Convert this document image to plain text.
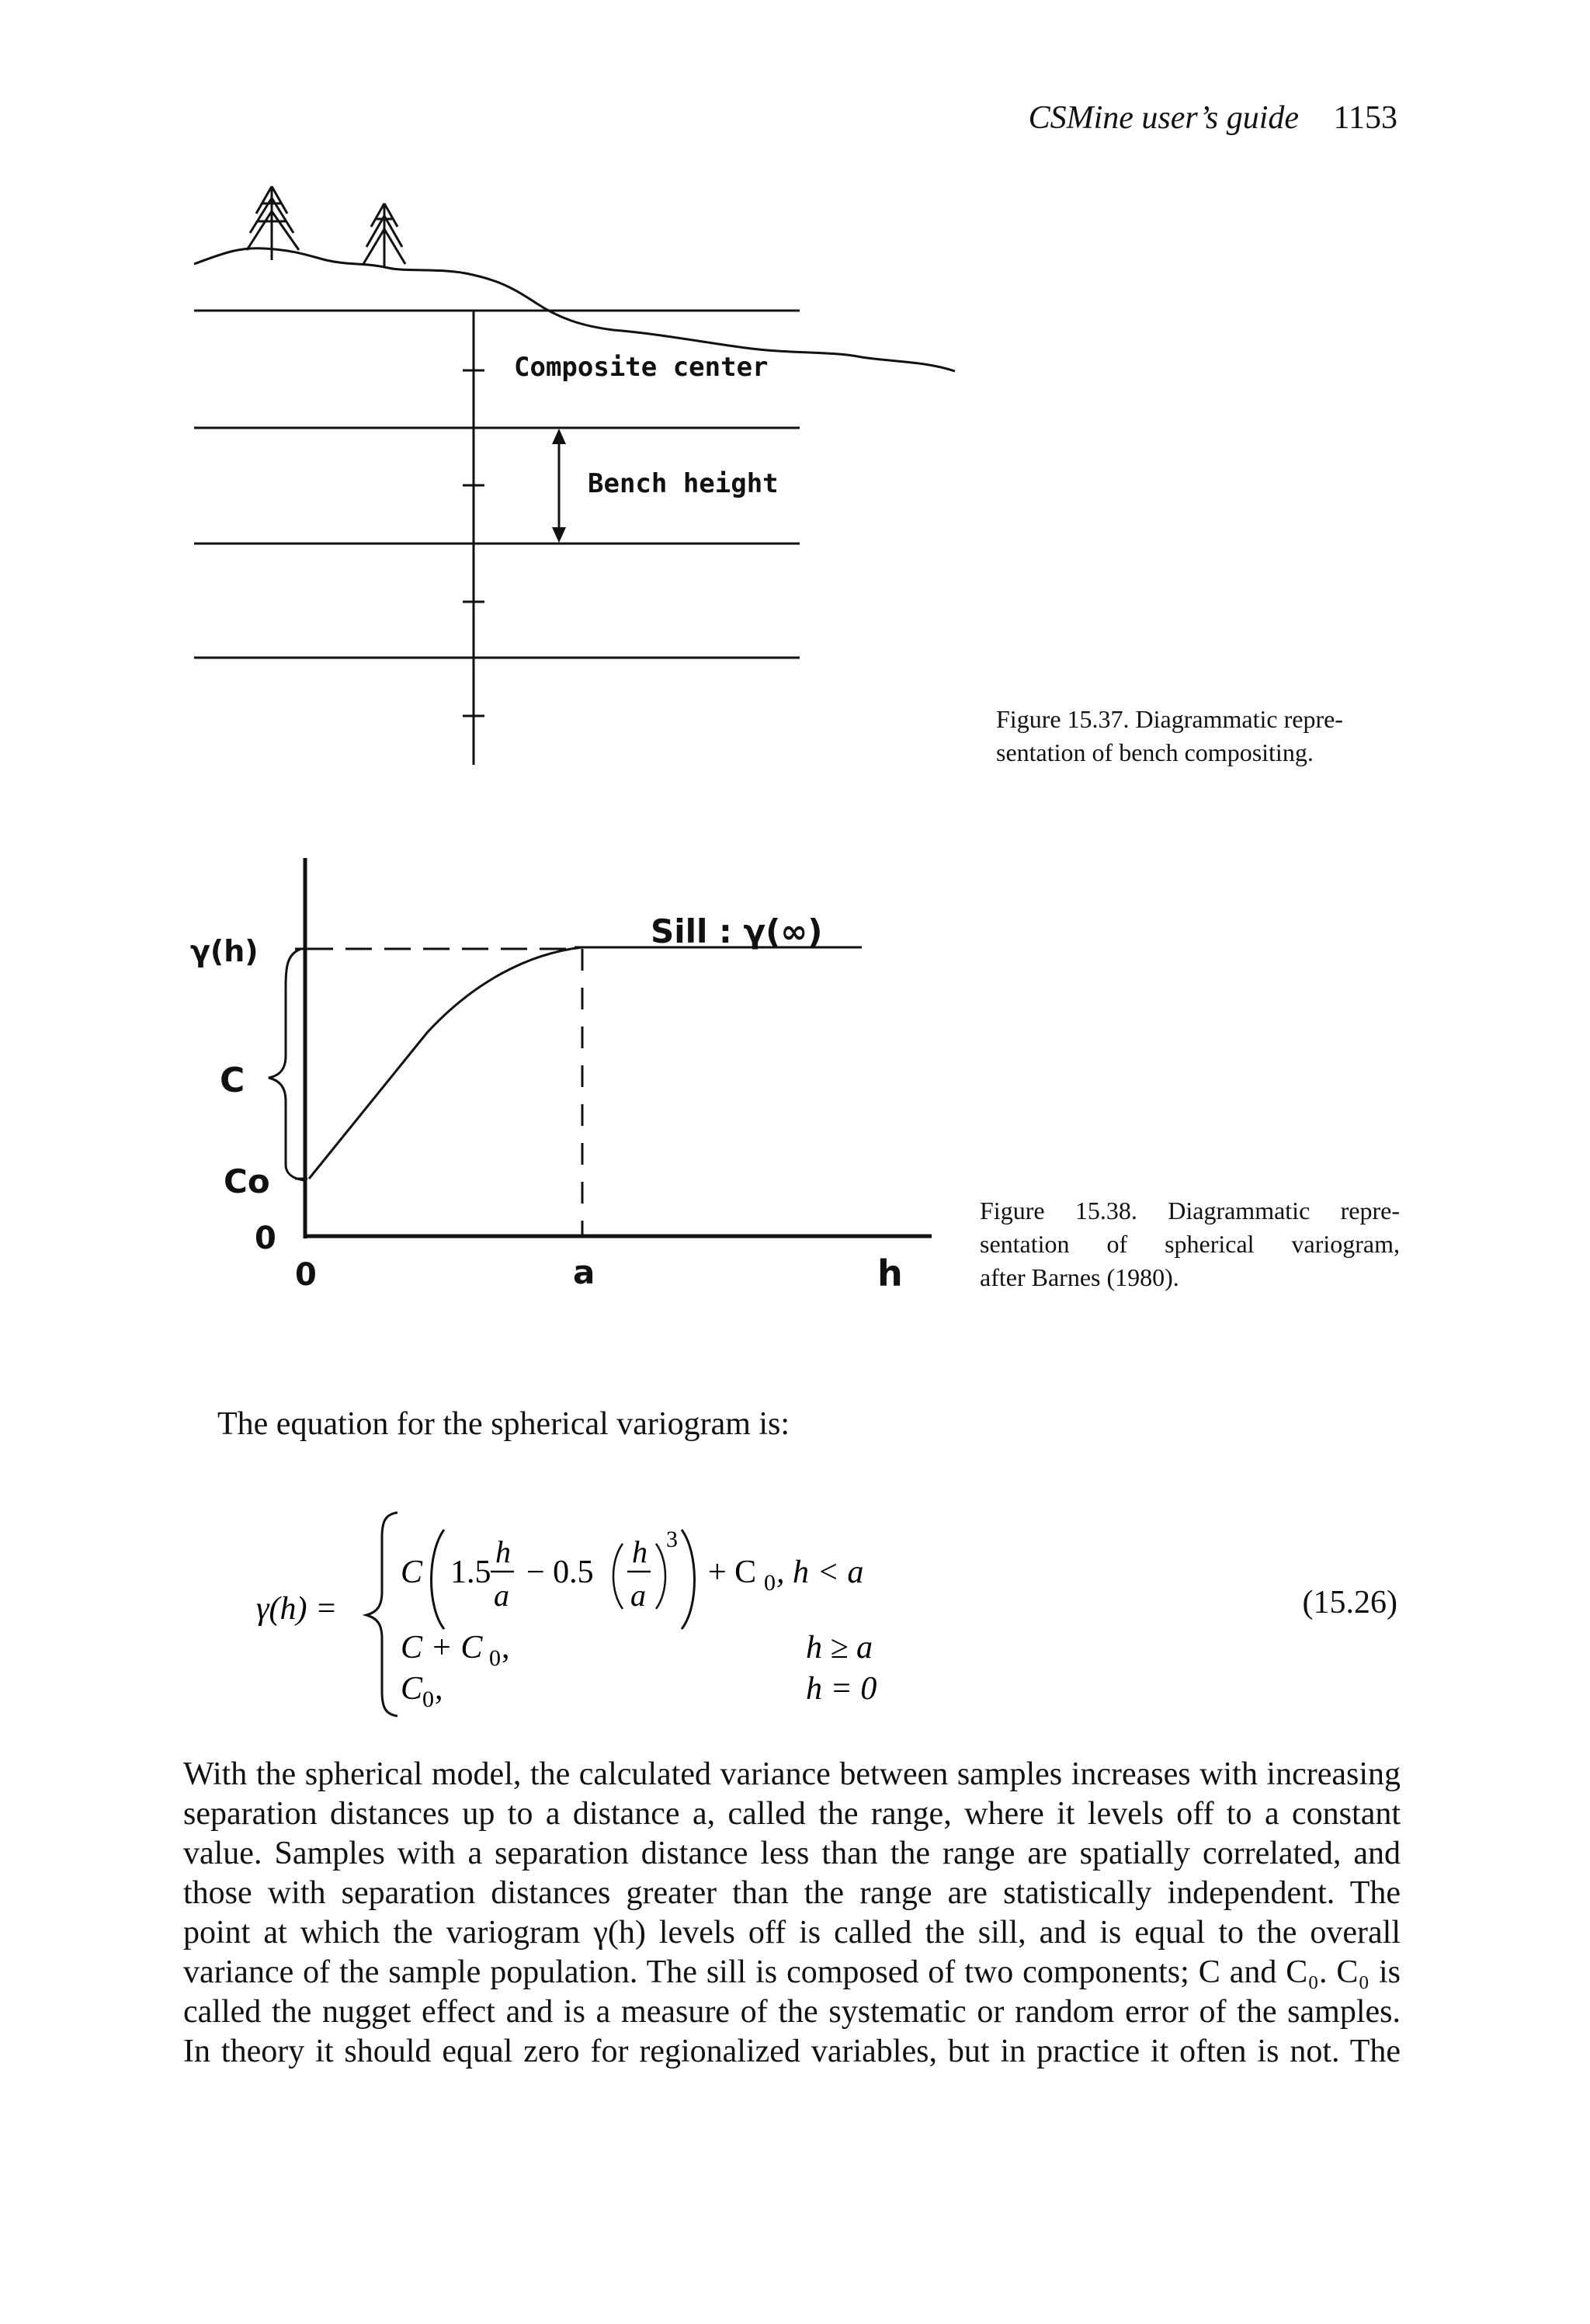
CSMine user’s guide 1153
Composite center
Bench height
Figure 15.37. Diagrammatic repre-
sentation of bench compositing.
γ(h)
Sill : γ(∞)
C
Co
0
0	a	h
Figure 15.38. Diagrammatic repre-
sentation of spherical variogram,
after Barnes (1980).
The equation for the spherical variogram is:
γ(h) =
C 1.5
h
a
− 0.5
h
a
3
+ C 0 , h < a
C + C 0 ,	h ≥ a
C 0 ,	h = 0
(15.26)

With the spherical model, the calculated variance between samples increases with increasing

separation distances up to a distance a, called the range, where it levels off to a constant

value. Samples with a separation distance less than the range are spatially correlated, and

those with separation distances greater than the range are statistically independent. The

point at which the variogram γ(h) levels off is called the sill, and is equal to the overall

variance of the sample population. The sill is composed of two components; C and C₀. C₀ is

called the nugget effect and is a measure of the systematic or random error of the samples.

In theory it should equal zero for regionalized variables, but in practice it often is not. The
